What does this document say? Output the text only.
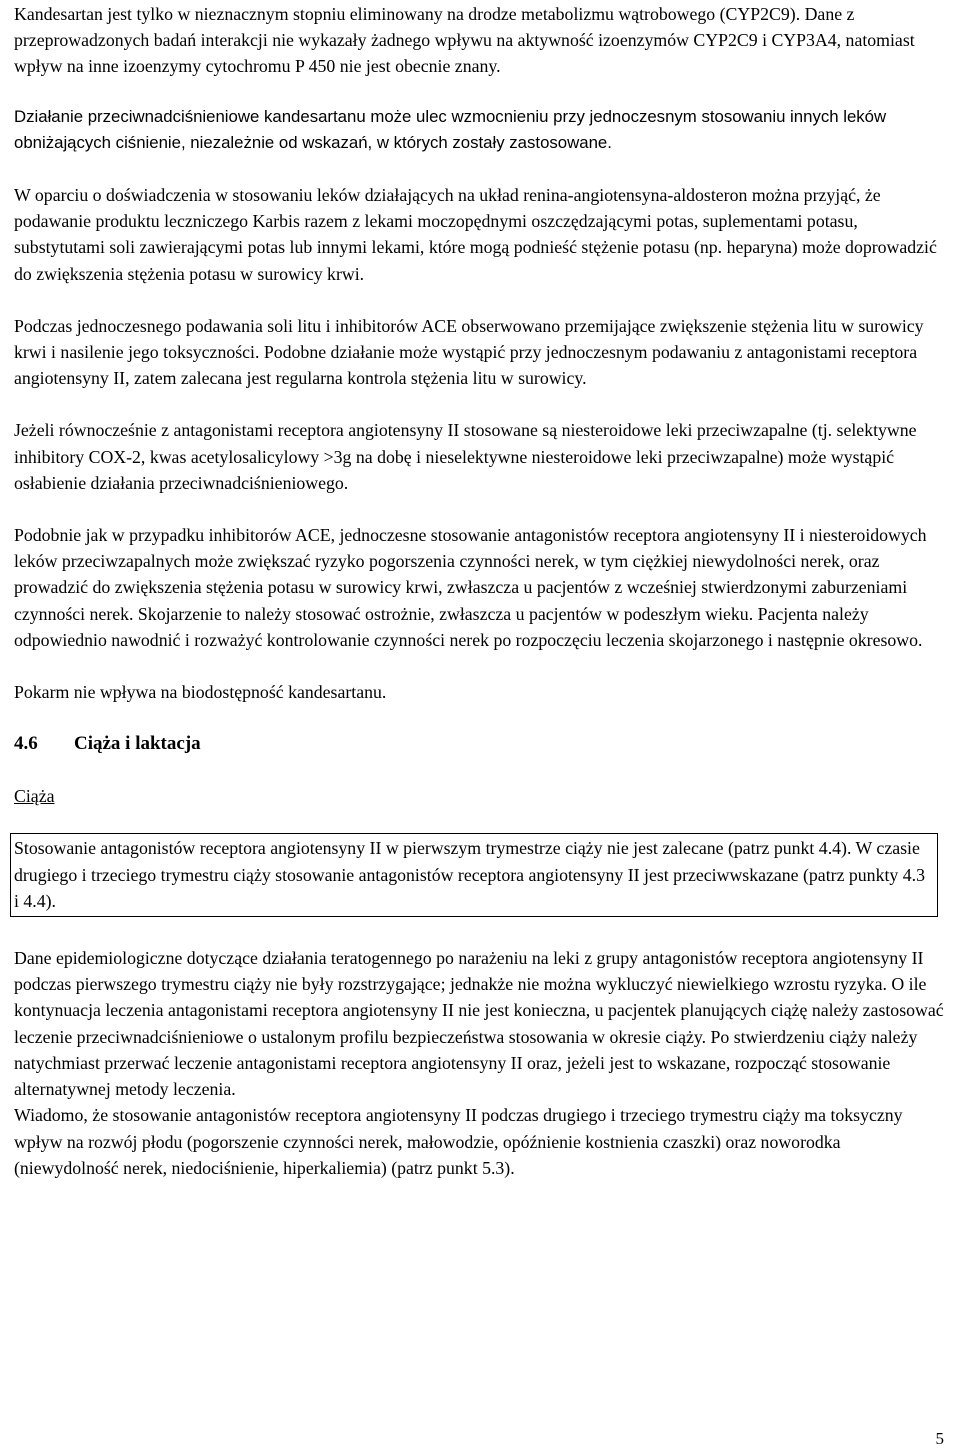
Kandesartan jest tylko w nieznacznym stopniu eliminowany na drodze metabolizmu wątrobowego (CYP2C9). Dane z przeprowadzonych badań interakcji nie wykazały żadnego wpływu na aktywność izoenzymów CYP2C9 i CYP3A4, natomiast wpływ na inne izoenzymy cytochromu P 450 nie jest obecnie znany.

Działanie przeciwnadciśnieniowe kandesartanu może ulec wzmocnieniu przy jednoczesnym stosowaniu innych leków obniżających ciśnienie, niezależnie od wskazań, w których zostały zastosowane.

W oparciu o doświadczenia w stosowaniu leków działających na układ renina-angiotensyna-aldosteron można przyjąć, że podawanie produktu leczniczego Karbis razem z lekami moczopędnymi oszczędzającymi potas, suplementami potasu, substytutami soli zawierającymi potas lub innymi lekami, które mogą podnieść stężenie potasu (np. heparyna) może doprowadzić do zwiększenia stężenia potasu w surowicy krwi.

Podczas jednoczesnego podawania soli litu i inhibitorów ACE obserwowano przemijające zwiększenie stężenia litu w surowicy krwi i nasilenie jego toksyczności. Podobne działanie może wystąpić przy jednoczesnym podawaniu z antagonistami receptora angiotensyny II, zatem zalecana jest regularna kontrola stężenia litu w surowicy.

Jeżeli równocześnie z antagonistami receptora angiotensyny II stosowane są niesteroidowe leki przeciwzapalne (tj. selektywne inhibitory COX-2, kwas acetylosalicylowy >3g na dobę i nieselektywne niesteroidowe leki przeciwzapalne) może wystąpić osłabienie działania przeciwnadciśnieniowego.

Podobnie jak w przypadku inhibitorów ACE, jednoczesne stosowanie antagonistów receptora angiotensyny II i niesteroidowych leków przeciwzapalnych może zwiększać ryzyko pogorszenia czynności nerek, w tym ciężkiej niewydolności nerek, oraz prowadzić do zwiększenia stężenia potasu w surowicy krwi, zwłaszcza u pacjentów z wcześniej stwierdzonymi zaburzeniami czynności nerek. Skojarzenie to należy stosować ostrożnie, zwłaszcza u pacjentów w podeszłym wieku. Pacjenta należy odpowiednio nawodnić i rozważyć kontrolowanie czynności nerek po rozpoczęciu leczenia skojarzonego i następnie okresowo.

Pokarm nie wpływa na biodostępność kandesartanu.

4.6 Ciąża i laktacja

Ciąża

Stosowanie antagonistów receptora angiotensyny II w pierwszym trymestrze ciąży nie jest zalecane (patrz punkt 4.4). W czasie drugiego i trzeciego trymestru ciąży stosowanie antagonistów receptora angiotensyny II jest przeciwwskazane (patrz punkty 4.3 i 4.4).

Dane epidemiologiczne dotyczące działania teratogennego po narażeniu na leki z grupy antagonistów receptora angiotensyny II podczas pierwszego trymestru ciąży nie były rozstrzygające; jednakże nie można wykluczyć niewielkiego wzrostu ryzyka. O ile kontynuacja leczenia antagonistami receptora angiotensyny II nie jest konieczna, u pacjentek planujących ciążę należy zastosować leczenie przeciwnadciśnieniowe o ustalonym profilu bezpieczeństwa stosowania w okresie ciąży. Po stwierdzeniu ciąży należy natychmiast przerwać leczenie antagonistami receptora angiotensyny II oraz, jeżeli jest to wskazane, rozpocząć stosowanie alternatywnej metody leczenia.

Wiadomo, że stosowanie antagonistów receptora angiotensyny II podczas drugiego i trzeciego trymestru ciąży ma toksyczny wpływ na rozwój płodu (pogorszenie czynności nerek, małowodzie, opóźnienie kostnienia czaszki) oraz noworodka (niewydolność nerek, niedociśnienie, hiperkaliemia) (patrz punkt 5.3).

5
